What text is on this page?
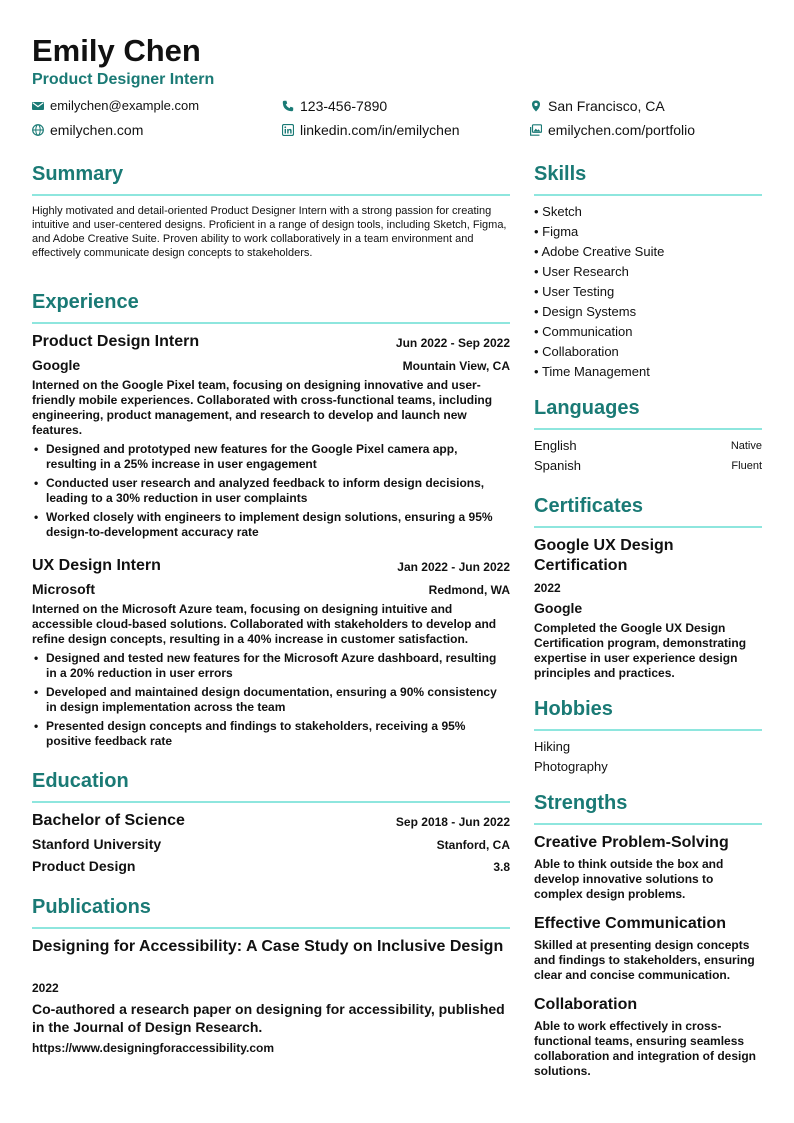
Emily Chen
Product Designer Intern
emilychen@example.com	123-456-7890	San Francisco, CA
emilychen.com	linkedin.com/in/emilychen	emilychen.com/portfolio
Summary
Highly motivated and detail-oriented Product Designer Intern with a strong passion for creating intuitive and user-centered designs. Proficient in a range of design tools, including Sketch, Figma, and Adobe Creative Suite. Proven ability to work collaboratively in a team environment and effectively communicate design concepts to stakeholders.
Experience
Product Design Intern	Jun 2022 - Sep 2022
Google	Mountain View, CA
Interned on the Google Pixel team, focusing on designing innovative and user-friendly mobile experiences. Collaborated with cross-functional teams, including engineering, product management, and research to develop and launch new features.
• Designed and prototyped new features for the Google Pixel camera app, resulting in a 25% increase in user engagement
• Conducted user research and analyzed feedback to inform design decisions, leading to a 30% reduction in user complaints
• Worked closely with engineers to implement design solutions, ensuring a 95% design-to-development accuracy rate
UX Design Intern	Jan 2022 - Jun 2022
Microsoft	Redmond, WA
Interned on the Microsoft Azure team, focusing on designing intuitive and accessible cloud-based solutions. Collaborated with stakeholders to develop and refine design concepts, resulting in a 40% increase in customer satisfaction.
• Designed and tested new features for the Microsoft Azure dashboard, resulting in a 20% reduction in user errors
• Developed and maintained design documentation, ensuring a 90% consistency in design implementation across the team
• Presented design concepts and findings to stakeholders, receiving a 95% positive feedback rate
Education
Bachelor of Science	Sep 2018 - Jun 2022
Stanford University	Stanford, CA
Product Design	3.8
Publications
Designing for Accessibility: A Case Study on Inclusive Design
2022
Co-authored a research paper on designing for accessibility, published in the Journal of Design Research.
https://www.designingforaccessibility.com
Skills
• Sketch
• Figma
• Adobe Creative Suite
• User Research
• User Testing
• Design Systems
• Communication
• Collaboration
• Time Management
Languages
English	Native
Spanish	Fluent
Certificates
Google UX Design Certification
2022
Google
Completed the Google UX Design Certification program, demonstrating expertise in user experience design principles and practices.
Hobbies
Hiking
Photography
Strengths
Creative Problem-Solving
Able to think outside the box and develop innovative solutions to complex design problems.
Effective Communication
Skilled at presenting design concepts and findings to stakeholders, ensuring clear and concise communication.
Collaboration
Able to work effectively in cross-functional teams, ensuring seamless collaboration and integration of design solutions.
